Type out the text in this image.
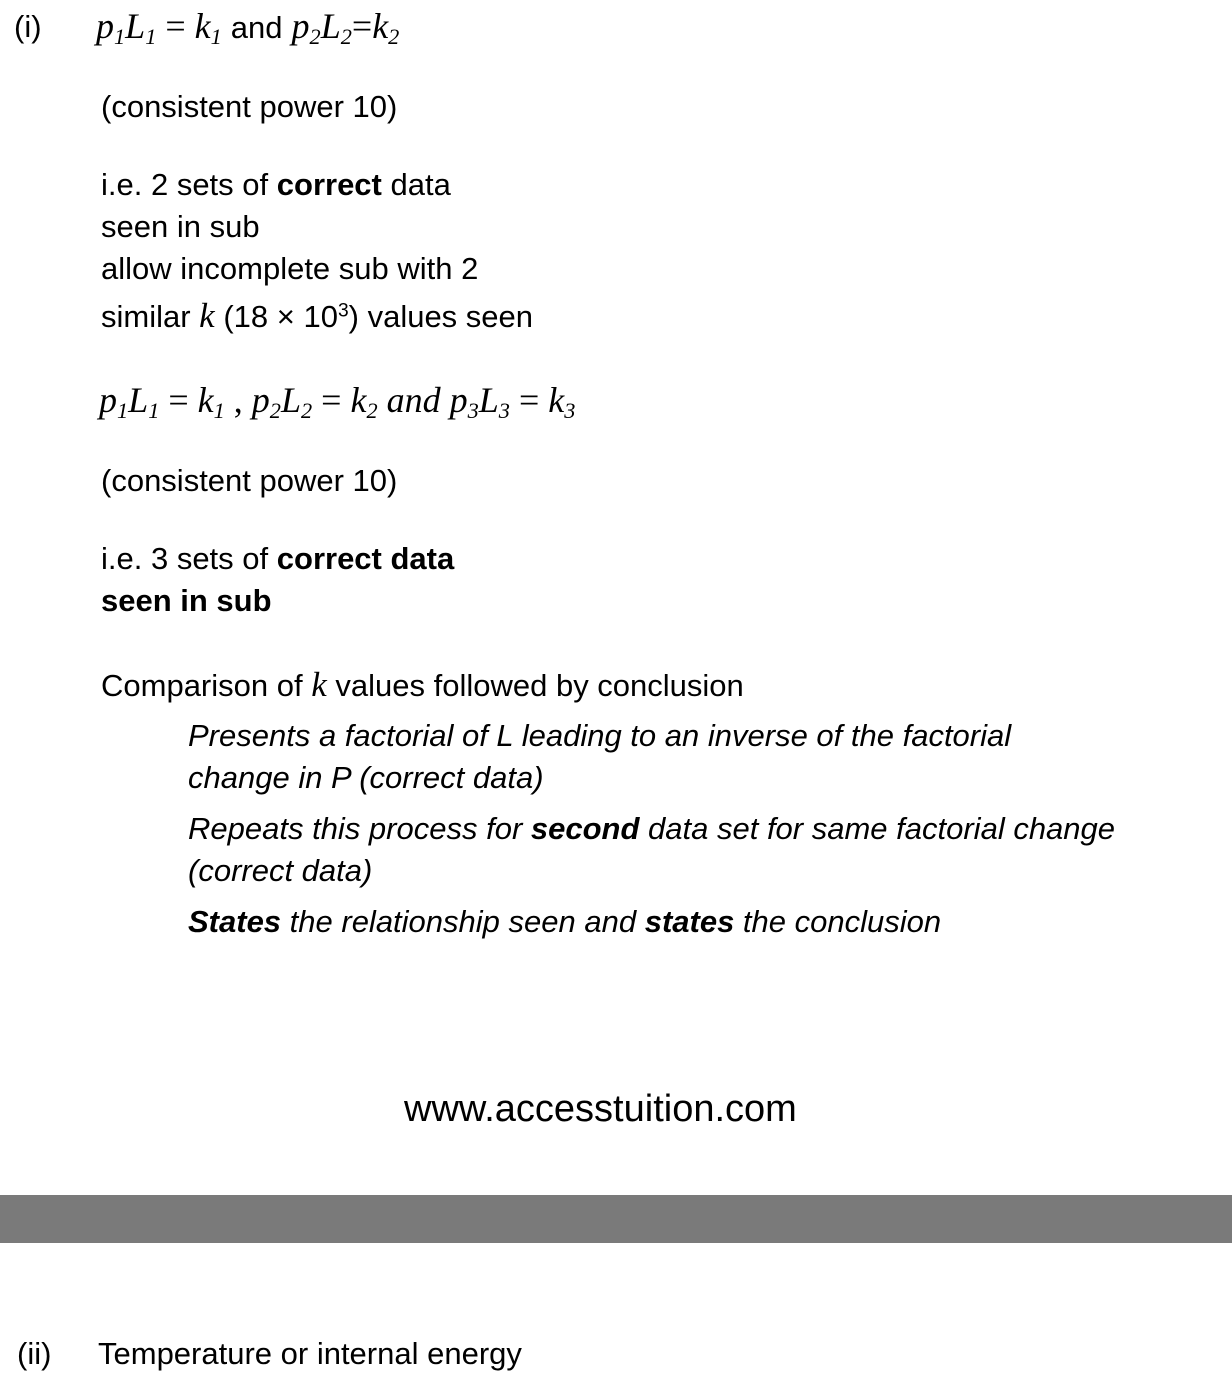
(i) $p_1L_1 = k_1$ and $p_2L_2=k_2$
(consistent power 10)
i.e. 2 sets of correct data
seen in sub
allow incomplete sub with 2
similar k $(18 \times 10^3)$ values seen
$p_1L_1 = k_1$ , $p_2L_2 = k_2$ and $p_3L_3 = k_3$
(consistent power 10)
i.e. 3 sets of correct data
seen in sub
Comparison of k values followed by conclusion
Presents a factorial of L leading to an inverse of the factorial
change in P (correct data)
Repeats this process for second data set for same factorial change
(correct data)
States the relationship seen and states the conclusion
www.accesstuition.com
(ii) Temperature or internal energy
